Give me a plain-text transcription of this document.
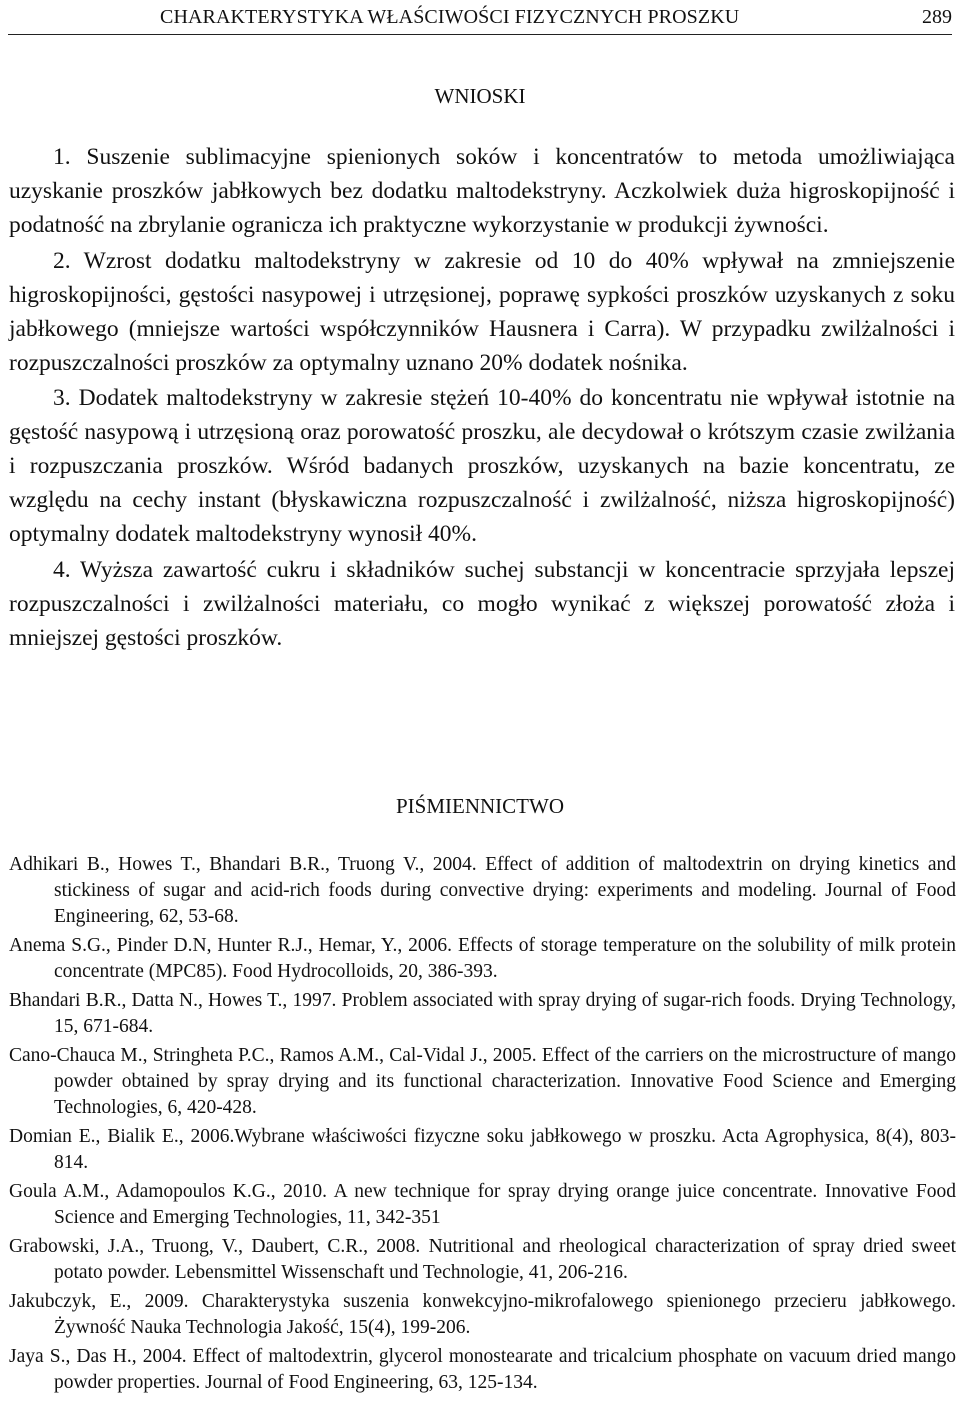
CHARAKTERYSTYKA WŁAŚCIWOŚCI FIZYCZNYCH PROSZKU	289
WNIOSKI

1. Suszenie sublimacyjne spienionych soków i koncentratów to metoda umożliwiająca uzyskanie proszków jabłkowych bez dodatku maltodekstryny. Aczkolwiek duża higroskopijność i podatność na zbrylanie ogranicza ich praktyczne wykorzystanie w produkcji żywności.

2. Wzrost dodatku maltodekstryny w zakresie od 10 do 40% wpływał na zmniejszenie higroskopijności, gęstości nasypowej i utrzęsionej, poprawę sypkości proszków uzyskanych z soku jabłkowego (mniejsze wartości współczynników Hausnera i Carra). W przypadku zwilżalności i rozpuszczalności proszków za optymalny uznano 20% dodatek nośnika.

3. Dodatek maltodekstryny w zakresie stężeń 10-40% do koncentratu nie wpływał istotnie na gęstość nasypową i utrzęsioną oraz porowatość proszku, ale decydował o krótszym czasie zwilżania i rozpuszczania proszków. Wśród badanych proszków, uzyskanych na bazie koncentratu, ze względu na cechy instant (błyskawiczna rozpuszczalność i zwilżalność, niższa higroskopijność) optymalny dodatek maltodekstryny wynosił 40%.

4. Wyższa zawartość cukru i składników suchej substancji w koncentracie sprzyjała lepszej rozpuszczalności i zwilżalności materiału, co mogło wynikać z większej porowatość złoża i mniejszej gęstości proszków.

PIŚMIENNICTWO
Adhikari B., Howes T., Bhandari B.R., Truong V., 2004. Effect of addition of maltodextrin on drying kinetics and stickiness of sugar and acid-rich foods during convective drying: experiments and modeling. Journal of Food Engineering, 62, 53-68.
Anema S.G., Pinder D.N, Hunter R.J., Hemar, Y., 2006. Effects of storage temperature on the solubility of milk protein concentrate (MPC85). Food Hydrocolloids, 20, 386-393.
Bhandari B.R., Datta N., Howes T., 1997. Problem associated with spray drying of sugar-rich foods. Drying Technology, 15, 671-684.
Cano-Chauca M., Stringheta P.C., Ramos A.M., Cal-Vidal J., 2005. Effect of the carriers on the microstructure of mango powder obtained by spray drying and its functional characterization. Innovative Food Science and Emerging Technologies, 6, 420-428.
Domian E., Bialik E., 2006.Wybrane właściwości fizyczne soku jabłkowego w proszku. Acta Agrophysica, 8(4), 803-814.
Goula A.M., Adamopoulos K.G., 2010. A new technique for spray drying orange juice concentrate. Innovative Food Science and Emerging Technologies, 11, 342-351
Grabowski, J.A., Truong, V., Daubert, C.R., 2008. Nutritional and rheological characterization of spray dried sweet potato powder. Lebensmittel Wissenschaft und Technologie, 41, 206-216.
Jakubczyk, E., 2009. Charakterystyka suszenia konwekcyjno-mikrofalowego spienionego przecieru jabłkowego. Żywność Nauka Technologia Jakość, 15(4), 199-206.
Jaya S., Das H., 2004. Effect of maltodextrin, glycerol monostearate and tricalcium phosphate on vacuum dried mango powder properties. Journal of Food Engineering, 63, 125-134.
